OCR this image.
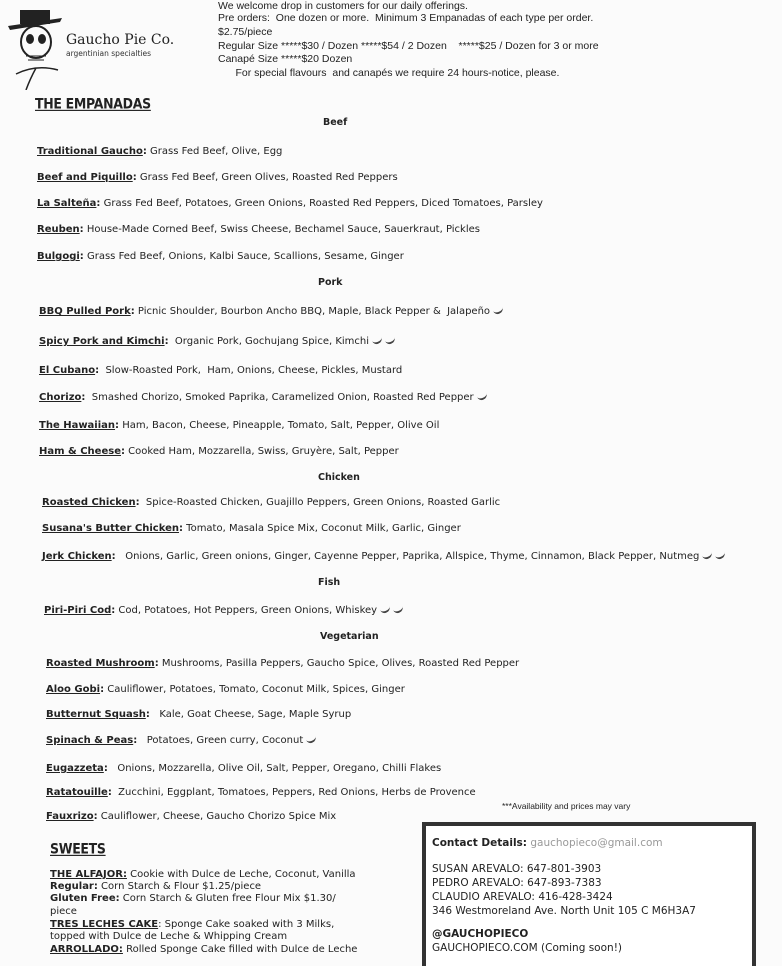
Gaucho Pie Co.
argentinian specialties
We welcome drop in customers for our daily offerings.
Pre orders:  One dozen or more.  Minimum 3 Empanadas of each type per order.
$2.75/piece
Regular Size *****$30 / Dozen *****$54 / 2 Dozen    *****$25 / Dozen for 3 or more
Canapé Size *****$20 Dozen
For special flavours  and canapés we require 24 hours-notice, please.
THE EMPANADAS
Beef
Traditional Gaucho: Grass Fed Beef, Olive, Egg
Beef and Piquillo: Grass Fed Beef, Green Olives, Roasted Red Peppers
La Salteña: Grass Fed Beef, Potatoes, Green Onions, Roasted Red Peppers, Diced Tomatoes, Parsley
Reuben: House-Made Corned Beef, Swiss Cheese, Bechamel Sauce, Sauerkraut, Pickles
Bulgogi: Grass Fed Beef, Onions, Kalbi Sauce, Scallions, Sesame, Ginger
Pork
BBQ Pulled Pork: Picnic Shoulder, Bourbon Ancho BBQ, Maple, Black Pepper &  Jalapeño
Spicy Pork and Kimchi:  Organic Pork, Gochujang Spice, Kimchi
El Cubano:  Slow-Roasted Pork,  Ham, Onions, Cheese, Pickles, Mustard
Chorizo:  Smashed Chorizo, Smoked Paprika, Caramelized Onion, Roasted Red Pepper
The Hawaiian: Ham, Bacon, Cheese, Pineapple, Tomato, Salt, Pepper, Olive Oil
Ham & Cheese: Cooked Ham, Mozzarella, Swiss, Gruyère, Salt, Pepper
Chicken
Roasted Chicken:  Spice-Roasted Chicken, Guajillo Peppers, Green Onions, Roasted Garlic
Susana's Butter Chicken: Tomato, Masala Spice Mix, Coconut Milk, Garlic, Ginger
Jerk Chicken:   Onions, Garlic, Green onions, Ginger, Cayenne Pepper, Paprika, Allspice, Thyme, Cinnamon, Black Pepper, Nutmeg
Fish
Piri-Piri Cod: Cod, Potatoes, Hot Peppers, Green Onions, Whiskey
Vegetarian
Roasted Mushroom: Mushrooms, Pasilla Peppers, Gaucho Spice, Olives, Roasted Red Pepper
Aloo Gobi: Cauliflower, Potatoes, Tomato, Coconut Milk, Spices, Ginger
Butternut Squash:   Kale, Goat Cheese, Sage, Maple Syrup
Spinach & Peas:   Potatoes, Green curry, Coconut
Eugazzeta:   Onions, Mozzarella, Olive Oil, Salt, Pepper, Oregano, Chilli Flakes
Ratatouille:  Zucchini, Eggplant, Tomatoes, Peppers, Red Onions, Herbs de Provence
Fauxrizo: Cauliflower, Cheese, Gaucho Chorizo Spice Mix
***Availability and prices may vary
SWEETS
THE ALFAJOR: Cookie with Dulce de Leche, Coconut, Vanilla
Regular: Corn Starch & Flour $1.25/piece
Gluten Free: Corn Starch & Gluten free Flour Mix $1.30/
piece
TRES LECHES CAKE: Sponge Cake soaked with 3 Milks,
topped with Dulce de Leche & Whipping Cream
ARROLLADO: Rolled Sponge Cake filled with Dulce de Leche
Contact Details: gauchopieco@gmail.com
SUSAN AREVALO: 647-801-3903
PEDRO AREVALO: 647-893-7383
CLAUDIO AREVALO: 416-428-3424
346 Westmoreland Ave. North Unit 105 C M6H3A7
@GAUCHOPIECO
GAUCHOPIECO.COM (Coming soon!)
